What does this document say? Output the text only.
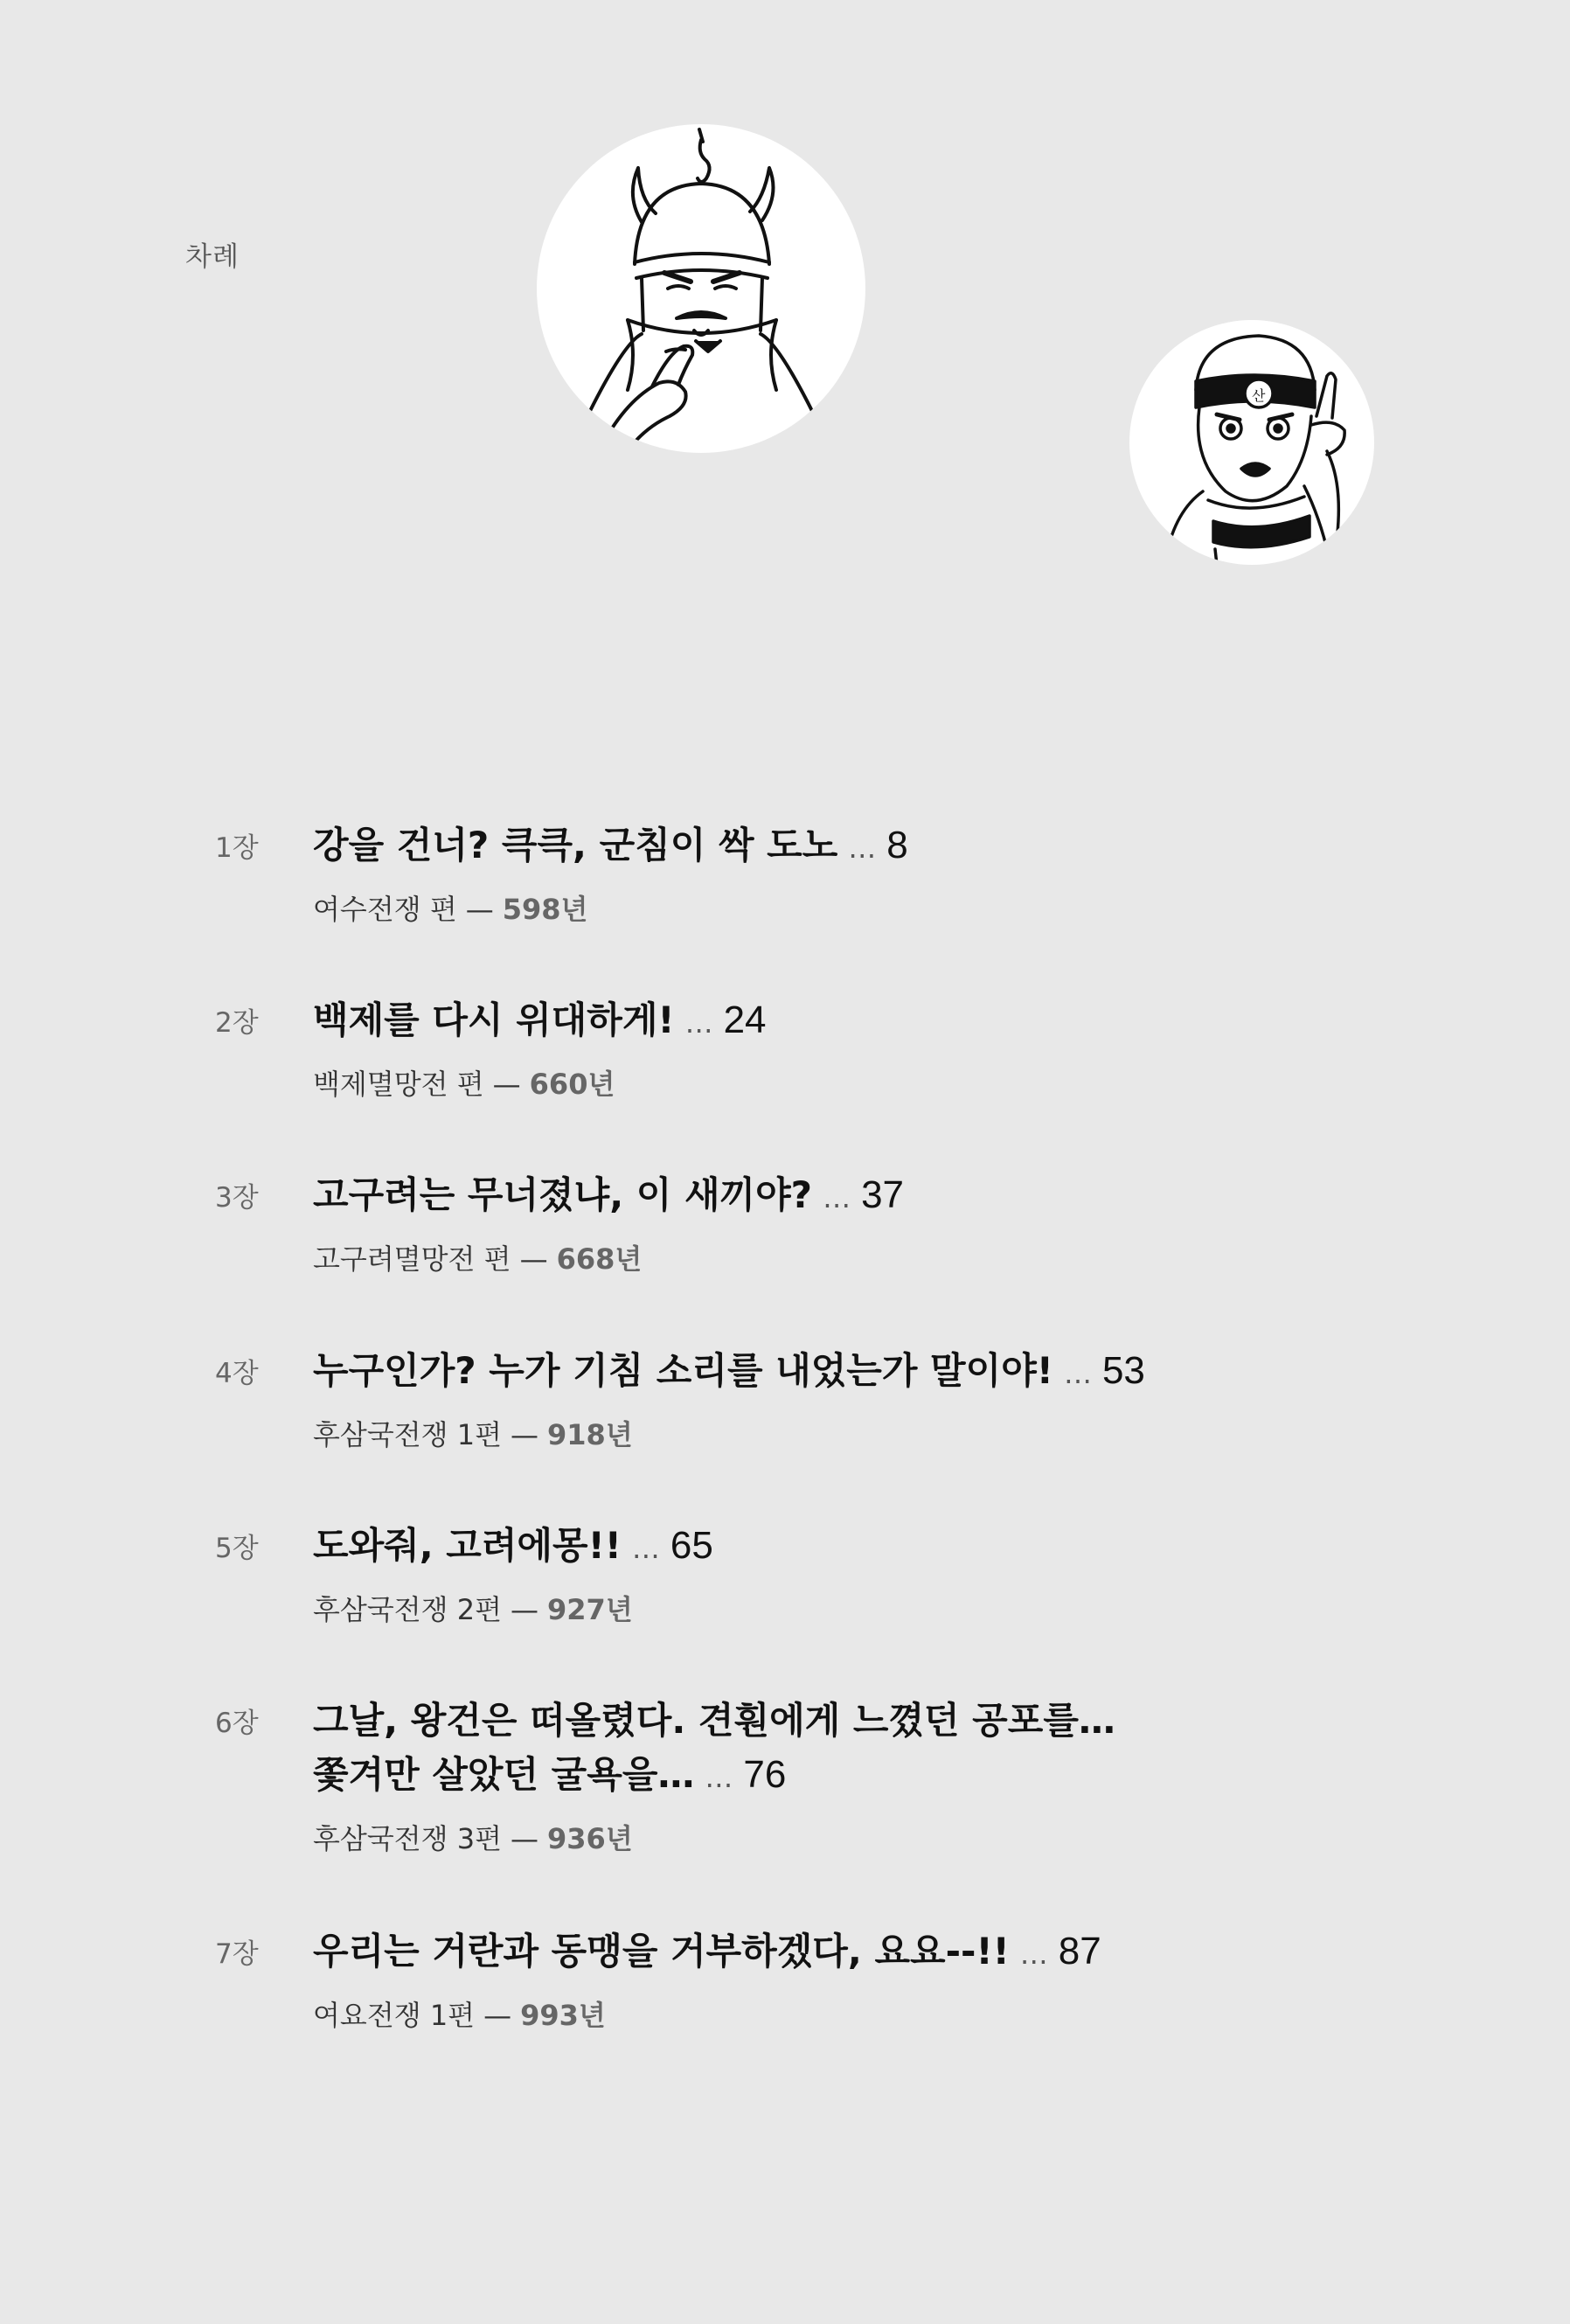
차례
산
1장 강을 건너? 큭큭, 군침이 싹 도노 … 8
여수전쟁 편 — 598년
2장 백제를 다시 위대하게! … 24
백제멸망전 편 — 660년
3장 고구려는 무너졌냐, 이 새끼야? … 37
고구려멸망전 편 — 668년
4장 누구인가? 누가 기침 소리를 내었는가 말이야! … 53
후삼국전쟁 1편 — 918년
5장 도와줘, 고려에몽!! … 65
후삼국전쟁 2편 — 927년
6장 그날, 왕건은 떠올렸다. 견훤에게 느꼈던 공포를…
쫓겨만 살았던 굴욕을… … 76
후삼국전쟁 3편 — 936년
7장 우리는 거란과 동맹을 거부하겠다, 요요--!! … 87
여요전쟁 1편 — 993년
